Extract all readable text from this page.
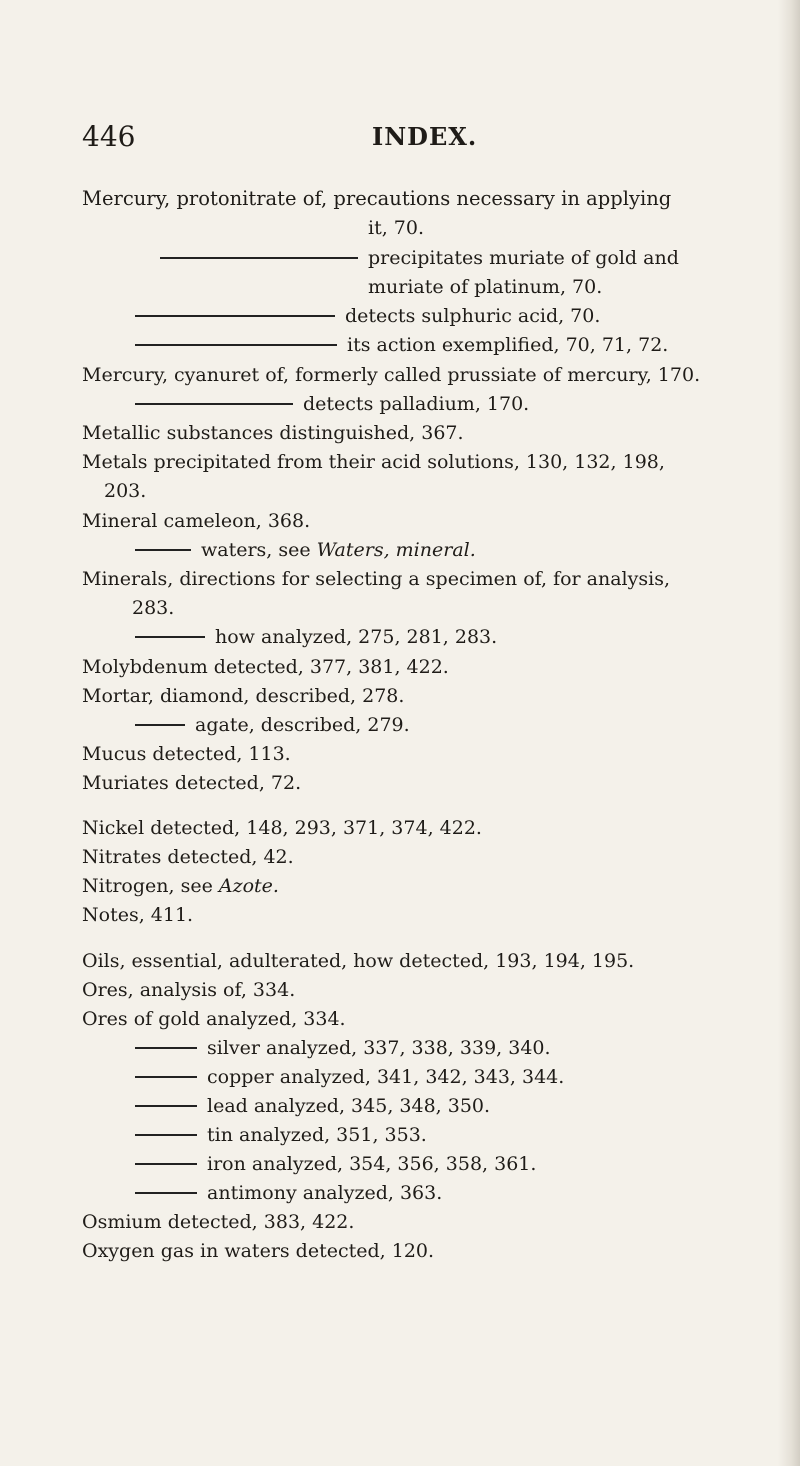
446	INDEX.
Mercury, protonitrate of, precautions necessary in applying
it, 70.
precipitates muriate of gold and
muriate of platinum, 70.
detects sulphuric acid, 70.
its action exemplified, 70, 71, 72.
Mercury, cyanuret of, formerly called prussiate of mercury, 170.
detects palladium, 170.
Metallic substances distinguished, 367.
Metals precipitated from their acid solutions, 130, 132, 198,
203.
Mineral cameleon, 368.
waters, see Waters, mineral.
Minerals, directions for selecting a specimen of, for analysis,
283.
how analyzed, 275, 281, 283.
Molybdenum detected, 377, 381, 422.
Mortar, diamond, described, 278.
agate, described, 279.
Mucus detected, 113.
Muriates detected, 72.
Nickel detected, 148, 293, 371, 374, 422.
Nitrates detected, 42.
Nitrogen, see Azote.
Notes, 411.
Oils, essential, adulterated, how detected, 193, 194, 195.
Ores, analysis of, 334.
Ores of gold analyzed, 334.
silver analyzed, 337, 338, 339, 340.
copper analyzed, 341, 342, 343, 344.
lead analyzed, 345, 348, 350.
tin analyzed, 351, 353.
iron analyzed, 354, 356, 358, 361.
antimony analyzed, 363.
Osmium detected, 383, 422.
Oxygen gas in waters detected, 120.
